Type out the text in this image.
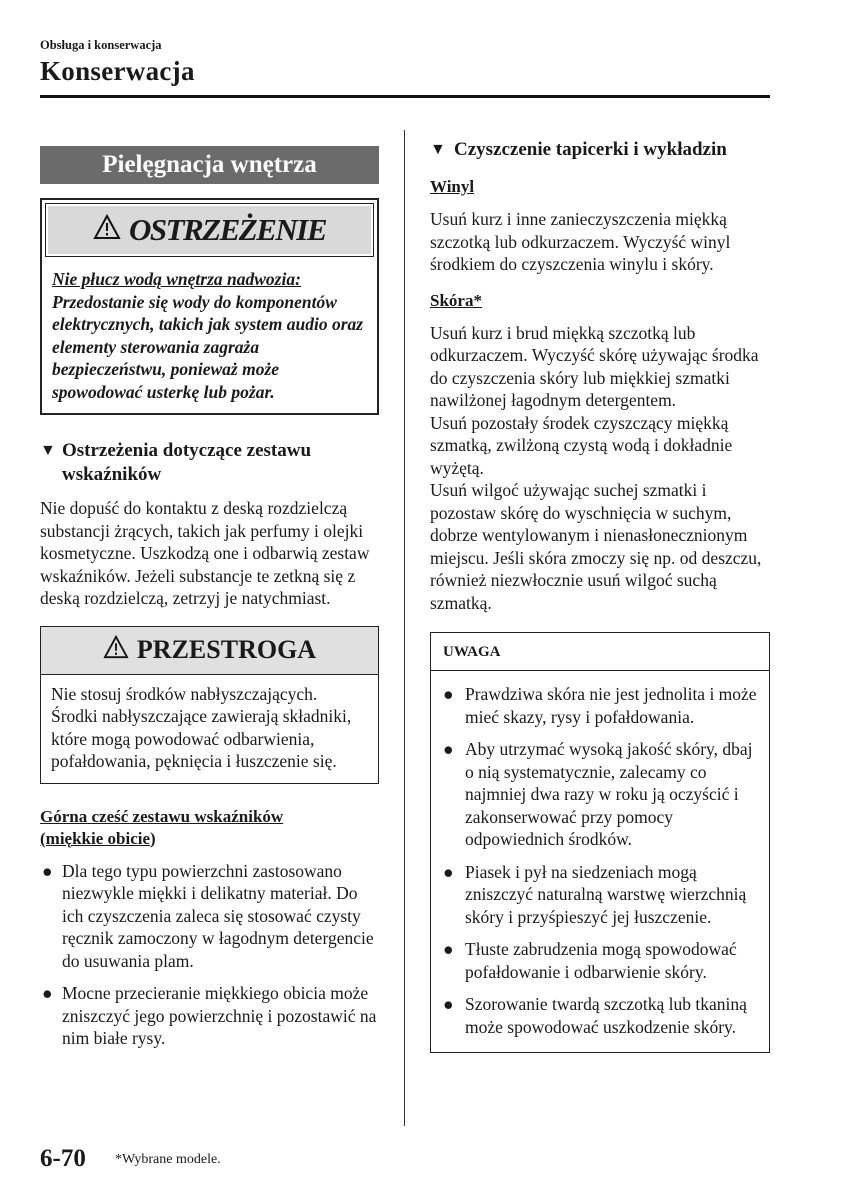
Obsługa i konserwacja
Konserwacja
Pielęgnacja wnętrza
OSTRZEŻENIE
Nie płucz wodą wnętrza nadwozia:
Przedostanie się wody do komponentów elektrycznych, takich jak system audio oraz elementy sterowania zagraża bezpieczeństwu, ponieważ może spowodować usterkę lub pożar.
▼ Ostrzeżenia dotyczące zestawu
wskaźników
Nie dopuść do kontaktu z deską rozdzielczą substancji żrących, takich jak perfumy i olejki kosmetyczne. Uszkodzą one i odbarwią zestaw wskaźników. Jeżeli substancje te zetkną się z deską rozdzielczą, zetrzyj je natychmiast.
PRZESTROGA
Nie stosuj środków nabłyszczających. Środki nabłyszczające zawierają składniki, które mogą powodować odbarwienia, pofałdowania, pęknięcia i łuszczenie się.
Górna cześć zestawu wskaźników
(miękkie obicie)
● Dla tego typu powierzchni zastosowano niezwykle miękki i delikatny materiał. Do ich czyszczenia zaleca się stosować czysty ręcznik zamoczony w łagodnym detergencie do usuwania plam.
● Mocne przecieranie miękkiego obicia może zniszczyć jego powierzchnię i pozostawić na nim białe rysy.
▼ Czyszczenie tapicerki i wykładzin
Winyl
Usuń kurz i inne zanieczyszczenia miękką szczotką lub odkurzaczem. Wyczyść winyl środkiem do czyszczenia winylu i skóry.
Skóra*
Usuń kurz i brud miękką szczotką lub odkurzaczem. Wyczyść skórę używając środka do czyszczenia skóry lub miękkiej szmatki nawilżonej łagodnym detergentem.
Usuń pozostały środek czyszczący miękką szmatką, zwilżoną czystą wodą i dokładnie wyżętą.
Usuń wilgoć używając suchej szmatki i pozostaw skórę do wyschnięcia w suchym, dobrze wentylowanym i nienasłonecznionym miejscu. Jeśli skóra zmoczy się np. od deszczu, również niezwłocznie usuń wilgoć suchą szmatką.
UWAGA
● Prawdziwa skóra nie jest jednolita i może mieć skazy, rysy i pofałdowania.
● Aby utrzymać wysoką jakość skóry, dbaj o nią systematycznie, zalecamy co najmniej dwa razy w roku ją oczyścić i zakonserwować przy pomocy odpowiednich środków.
● Piasek i pył na siedzeniach mogą zniszczyć naturalną warstwę wierzchnią skóry i przyśpieszyć jej łuszczenie.
● Tłuste zabrudzenia mogą spowodować pofałdowanie i odbarwienie skóry.
● Szorowanie twardą szczotką lub tkaniną może spowodować uszkodzenie skóry.
6-70 *Wybrane modele.
